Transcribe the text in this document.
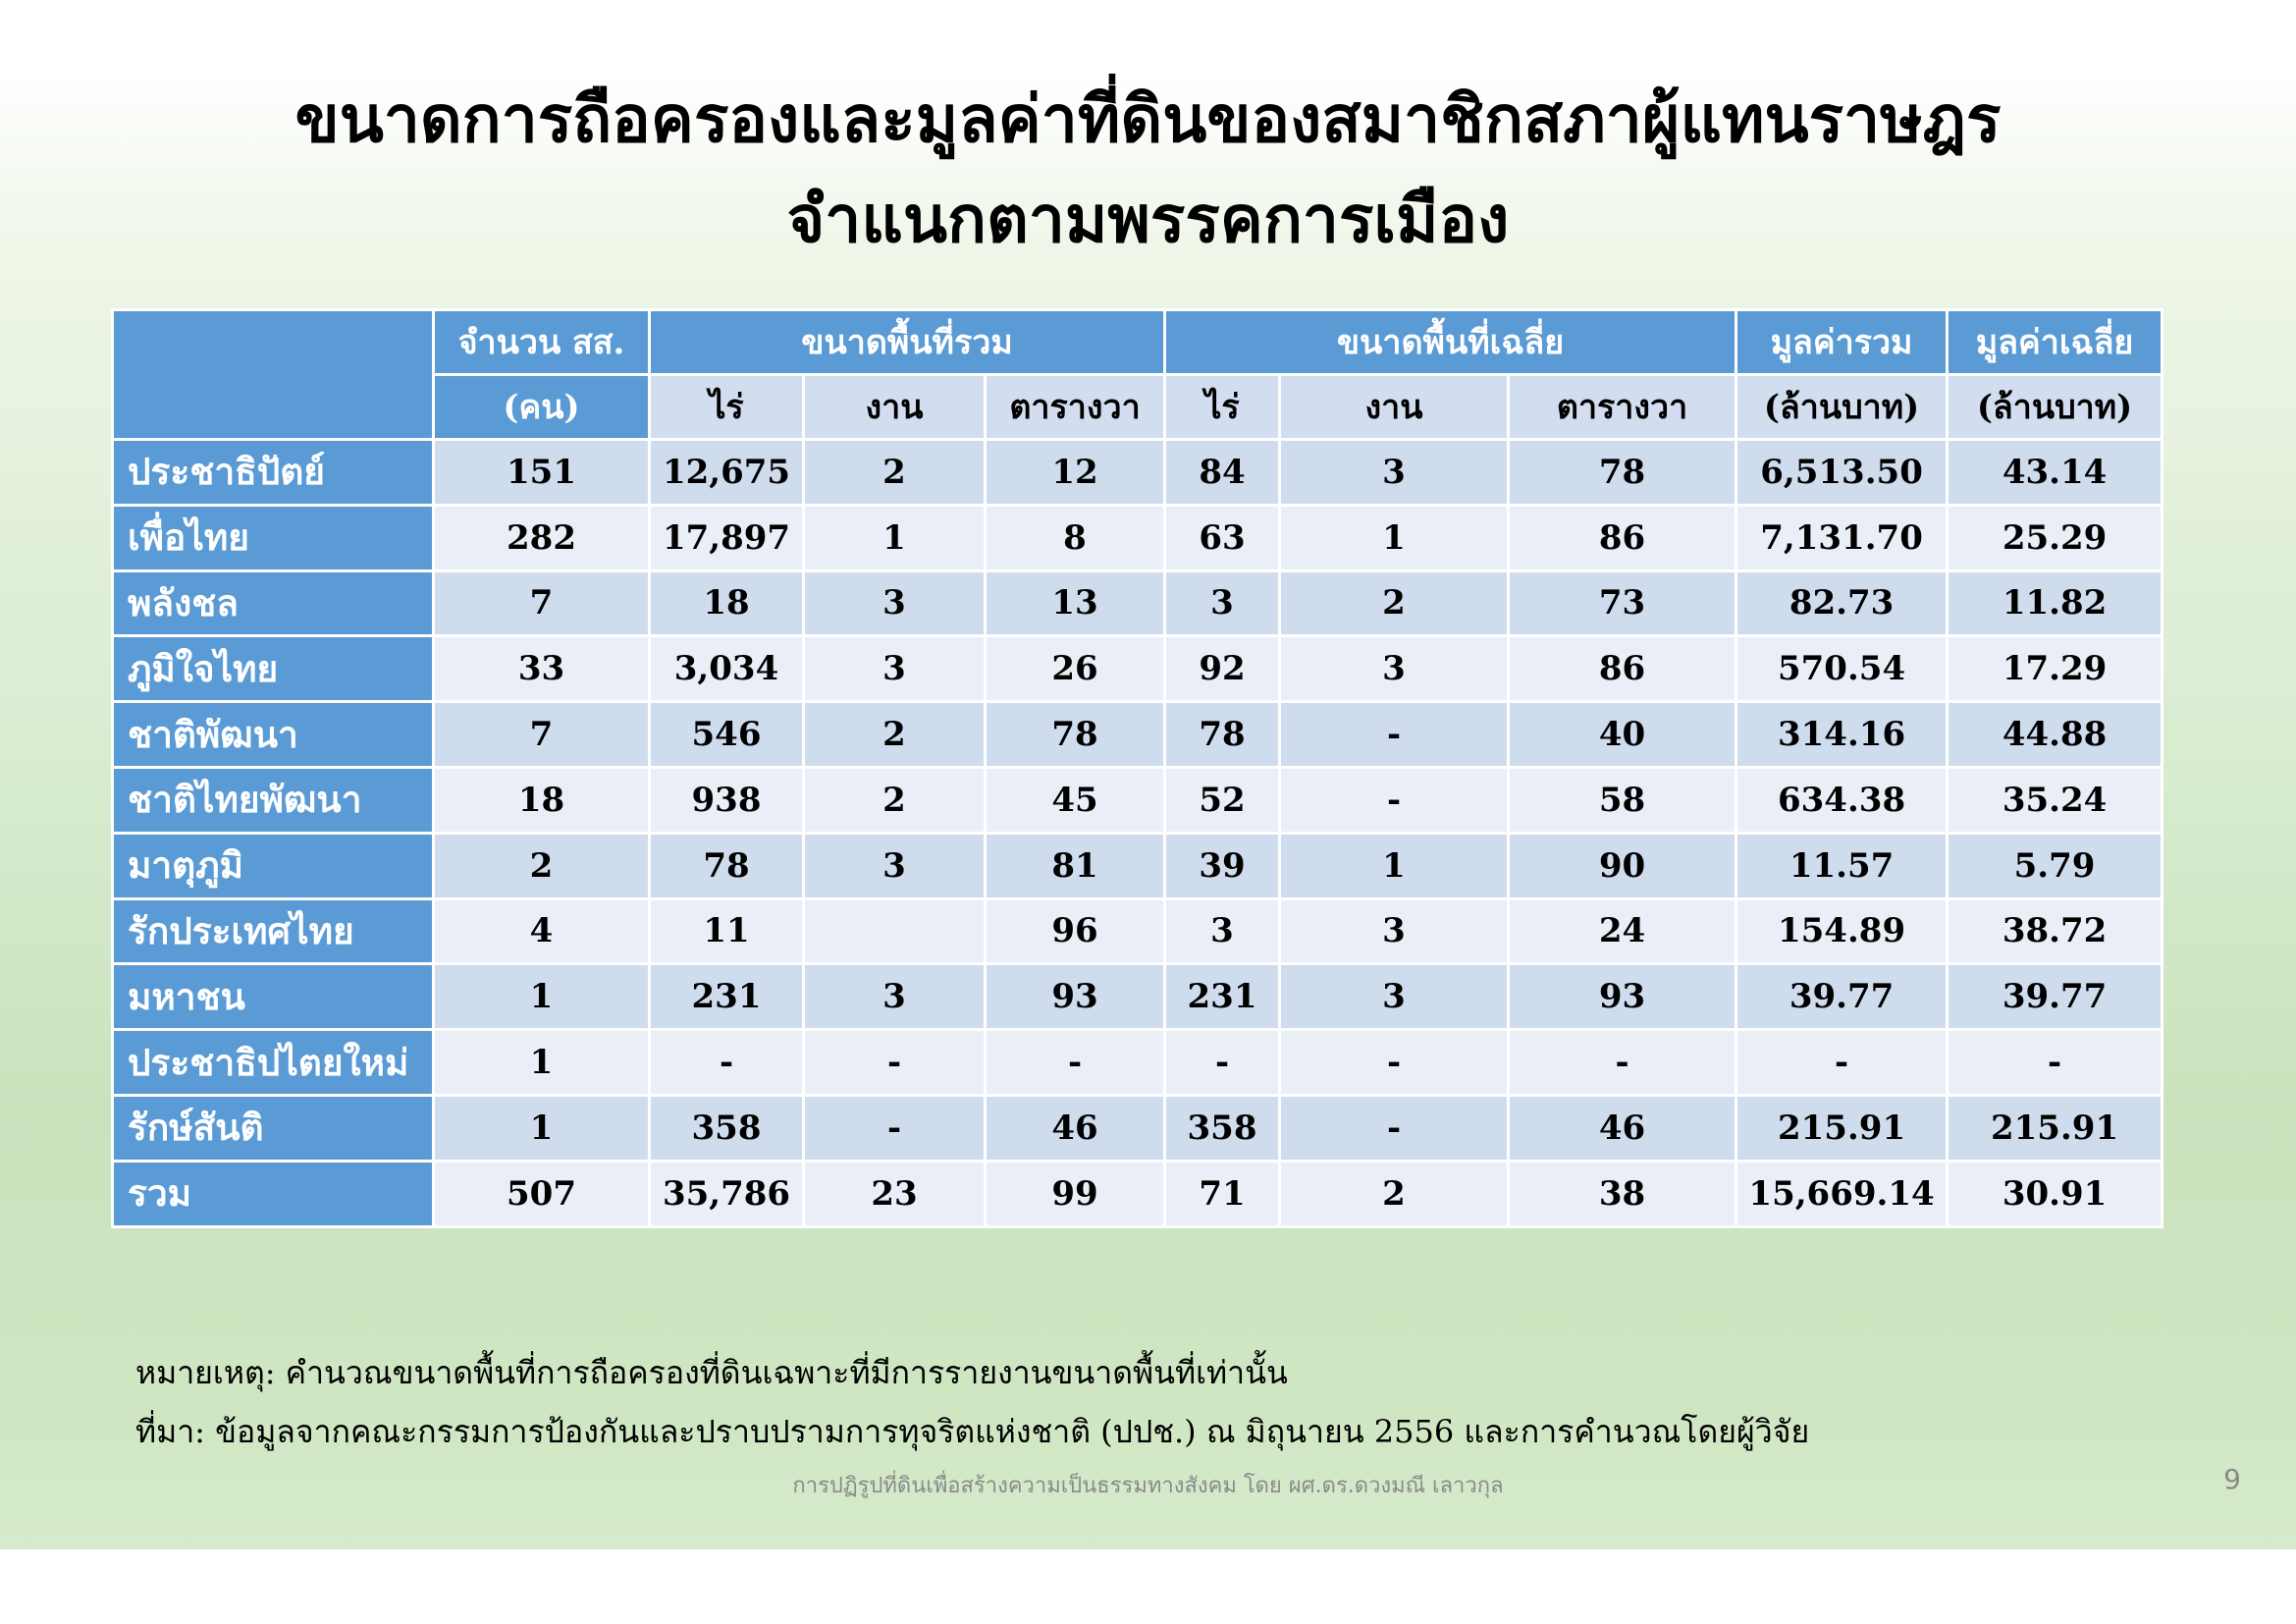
ขนาดการถือครองและมูลค่าที่ดินของสมาชิกสภาผู้แทนราษฎร
จำแนกตามพรรคการเมือง
	จำนวน สส.	ขนาดพื้นที่รวม			ขนาดพื้นที่เฉลี่ย			มูลค่ารวม	มูลค่าเฉลี่ย
	(คน)	ไร่	งาน	ตารางวา	ไร่	งาน	ตารางวา	(ล้านบาท)	(ล้านบาท)
ประชาธิปัตย์	151	12,675	2	12	84	3	78	6,513.50	43.14
เพื่อไทย	282	17,897	1	8	63	1	86	7,131.70	25.29
พลังชล	7	18	3	13	3	2	73	82.73	11.82
ภูมิใจไทย	33	3,034	3	26	92	3	86	570.54	17.29
ชาติพัฒนา	7	546	2	78	78	-	40	314.16	44.88
ชาติไทยพัฒนา	18	938	2	45	52	-	58	634.38	35.24
มาตุภูมิ	2	78	3	81	39	1	90	11.57	5.79
รักประเทศไทย	4	11		96	3	3	24	154.89	38.72
มหาชน	1	231	3	93	231	3	93	39.77	39.77
ประชาธิปไตยใหม่	1	-	-	-	-	-	-	-	-
รักษ์สันติ	1	358	-	46	358	-	46	215.91	215.91
รวม	507	35,786	23	99	71	2	38	15,669.14	30.91
หมายเหตุ: คำนวณขนาดพื้นที่การถือครองที่ดินเฉพาะที่มีการรายงานขนาดพื้นที่เท่านั้น
ที่มา: ข้อมูลจากคณะกรรมการป้องกันและปราบปรามการทุจริตแห่งชาติ (ปปช.) ณ มิถุนายน 2556 และการคำนวณโดยผู้วิจัย
การปฏิรูปที่ดินเพื่อสร้างความเป็นธรรมทางสังคม โดย ผศ.ดร.ดวงมณี เลาวกุล	9
